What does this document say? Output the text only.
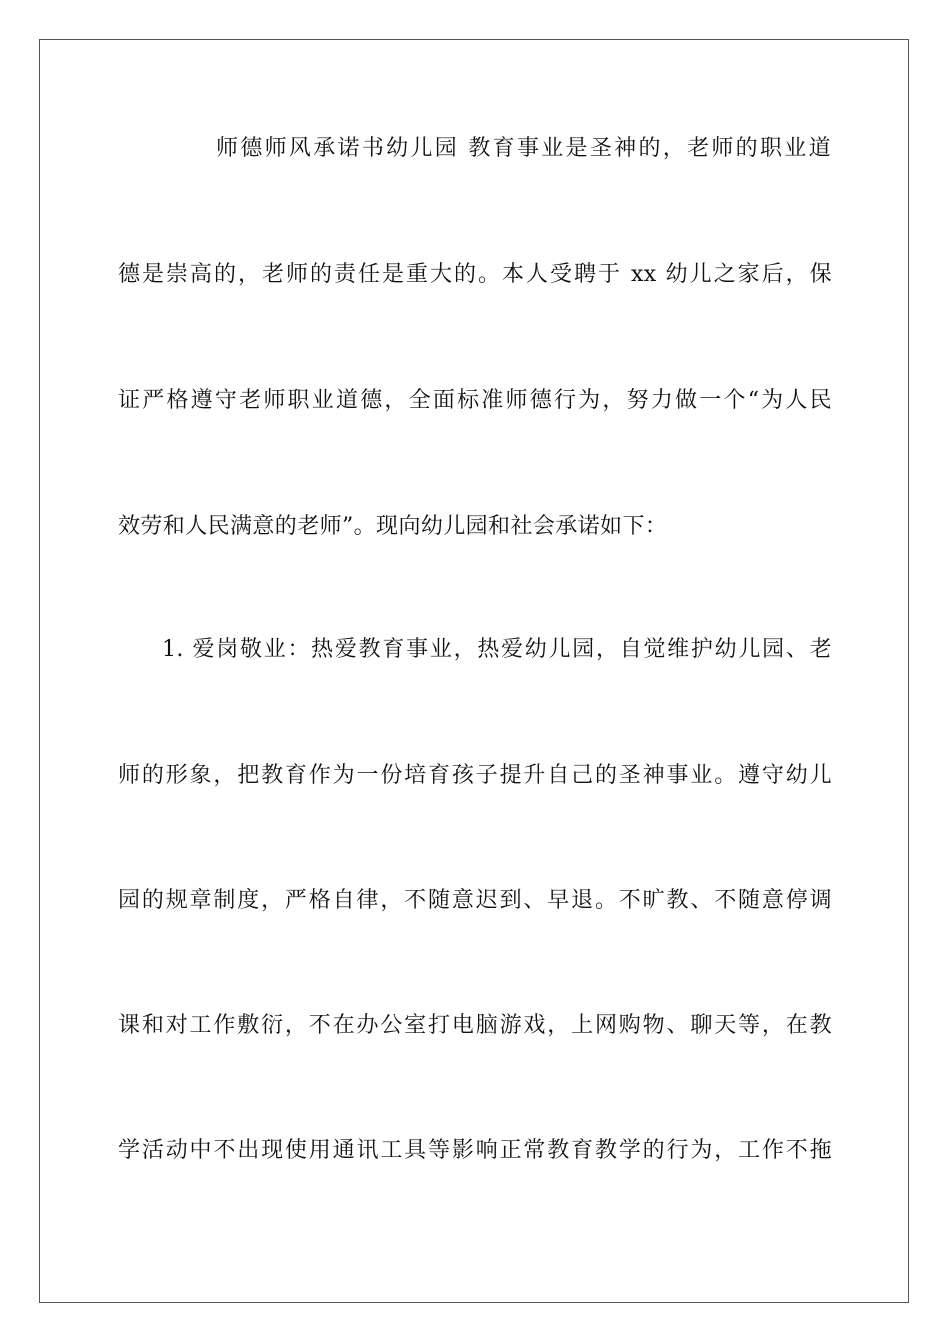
师德师风承诺书幼儿园 教育事业是圣神的，老师的职业道
德是崇高的，老师的责任是重大的。本人受聘于 xx 幼儿之家后，保
证严格遵守老师职业道德，全面标准师德行为，努力做一个“为人民
效劳和人民满意的老师”。现向幼儿园和社会承诺如下：
1. 爱岗敬业：热爱教育事业，热爱幼儿园，自觉维护幼儿园、老
师的形象，把教育作为一份培育孩子提升自己的圣神事业。遵守幼儿
园的规章制度，严格自律，不随意迟到、早退。不旷教、不随意停调
课和对工作敷衍，不在办公室打电脑游戏，上网购物、聊天等，在教
学活动中不出现使用通讯工具等影响正常教育教学的行为，工作不拖
